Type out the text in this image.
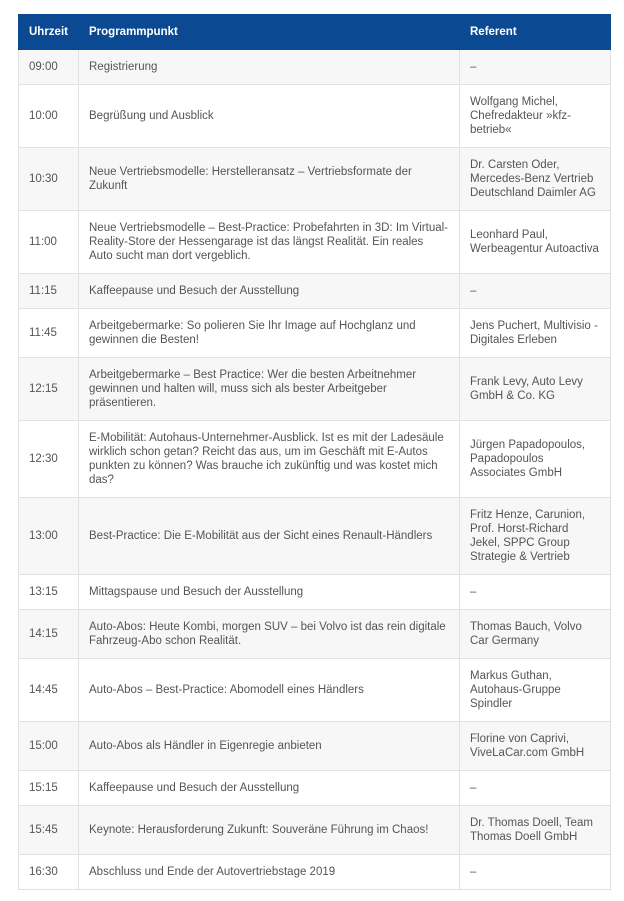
Uhrzeit	Programmpunkt	Referent
09:00	Registrierung	–
10:00	Begrüßung und Ausblick	Wolfgang Michel, Chefredakteur »kfz-betrieb«
10:30	Neue Vertriebsmodelle: Herstelleransatz – Vertriebsformate der Zukunft	Dr. Carsten Oder, Mercedes-Benz Vertrieb Deutschland Daimler AG
11:00	Neue Vertriebsmodelle – Best-Practice: Probefahrten in 3D: Im Virtual-Reality-Store der Hessengarage ist das längst Realität. Ein reales Auto sucht man dort vergeblich.	Leonhard Paul, Werbeagentur Autoactiva
11:15	Kaffeepause und Besuch der Ausstellung	–
11:45	Arbeitgebermarke: So polieren Sie Ihr Image auf Hochglanz und gewinnen die Besten!	Jens Puchert, Multivisio - Digitales Erleben
12:15	Arbeitgebermarke – Best Practice: Wer die besten Arbeitnehmer gewinnen und halten will, muss sich als bester Arbeitgeber präsentieren.	Frank Levy, Auto Levy GmbH & Co. KG
12:30	E-Mobilität: Autohaus-Unternehmer-Ausblick. Ist es mit der Ladesäule wirklich schon getan? Reicht das aus, um im Geschäft mit E-Autos punkten zu können? Was brauche ich zukünftig und was kostet mich das?	Jürgen Papadopoulos, Papadopoulos Associates GmbH
13:00	Best-Practice: Die E-Mobilität aus der Sicht eines Renault-Händlers	Fritz Henze, Carunion, Prof. Horst-Richard Jekel, SPPC Group Strategie & Vertrieb
13:15	Mittagspause und Besuch der Ausstellung	–
14:15	Auto-Abos: Heute Kombi, morgen SUV – bei Volvo ist das rein digitale Fahrzeug-Abo schon Realität.	Thomas Bauch, Volvo Car Germany
14:45	Auto-Abos – Best-Practice: Abomodell eines Händlers	Markus Guthan, Autohaus-Gruppe Spindler
15:00	Auto-Abos als Händler in Eigenregie anbieten	Florine von Caprivi, ViveLaCar.com GmbH
15:15	Kaffeepause und Besuch der Ausstellung	–
15:45	Keynote: Herausforderung Zukunft: Souveräne Führung im Chaos!	Dr. Thomas Doell, Team Thomas Doell GmbH
16:30	Abschluss und Ende der Autovertriebstage 2019	–
